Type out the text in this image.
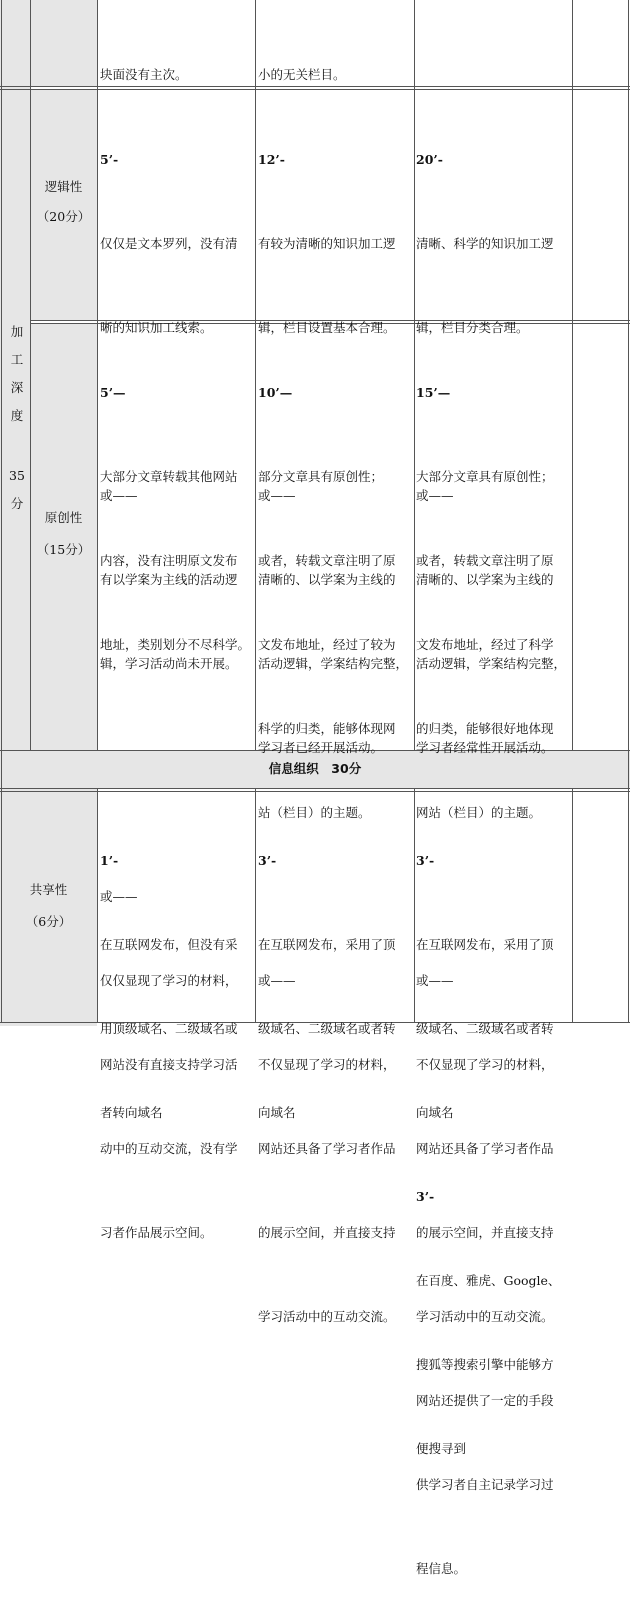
块面没有主次。

	小的无关栏目。

逻辑性
（20分）

5’-

仅仅是文本罗列，没有清

晰的知识加工线索。

或——

有以学案为主线的活动逻

辑，学习活动尚未开展。

12’-

有较为清晰的知识加工逻

辑，栏目设置基本合理。

或——

清晰的、以学案为主线的

活动逻辑，学案结构完整，

学习者已经开展活动。

20’-

清晰、科学的知识加工逻

辑，栏目分类合理。

或——

清晰的、以学案为主线的

活动逻辑，学案结构完整，

学习者经常性开展活动。

加
工
深
度
35
分
原创性
（15分）

5’—

大部分文章转载其他网站

内容，没有注明原文发布

地址，类别划分不尽科学。

或——

仅仅显现了学习的材料，

网站没有直接支持学习活

动中的互动交流，没有学

习者作品展示空间。

10’—

部分文章具有原创性；

或者，转载文章注明了原

文发布地址，经过了较为

科学的归类，能够体现网

站（栏目）的主题。

或——

不仅显现了学习的材料，

网站还具备了学习者作品

的展示空间，并直接支持

学习活动中的互动交流。

15’—

大部分文章具有原创性；

或者，转载文章注明了原

文发布地址，经过了科学

的归类，能够很好地体现

网站（栏目）的主题。

或——

不仅显现了学习的材料，

网站还具备了学习者作品

的展示空间，并直接支持

学习活动中的互动交流。

网站还提供了一定的手段

供学习者自主记录学习过

程信息。

信息组织　30分
共享性
（6分）

1’-

在互联网发布，但没有采

用顶级域名、二级域名或

者转向域名

3’-

在互联网发布，采用了顶

级域名、二级域名或者转

向域名

3’-

在互联网发布，采用了顶

级域名、二级域名或者转

向域名

3’-

在百度、雅虎、Google、

搜狐等搜索引擎中能够方

便搜寻到
